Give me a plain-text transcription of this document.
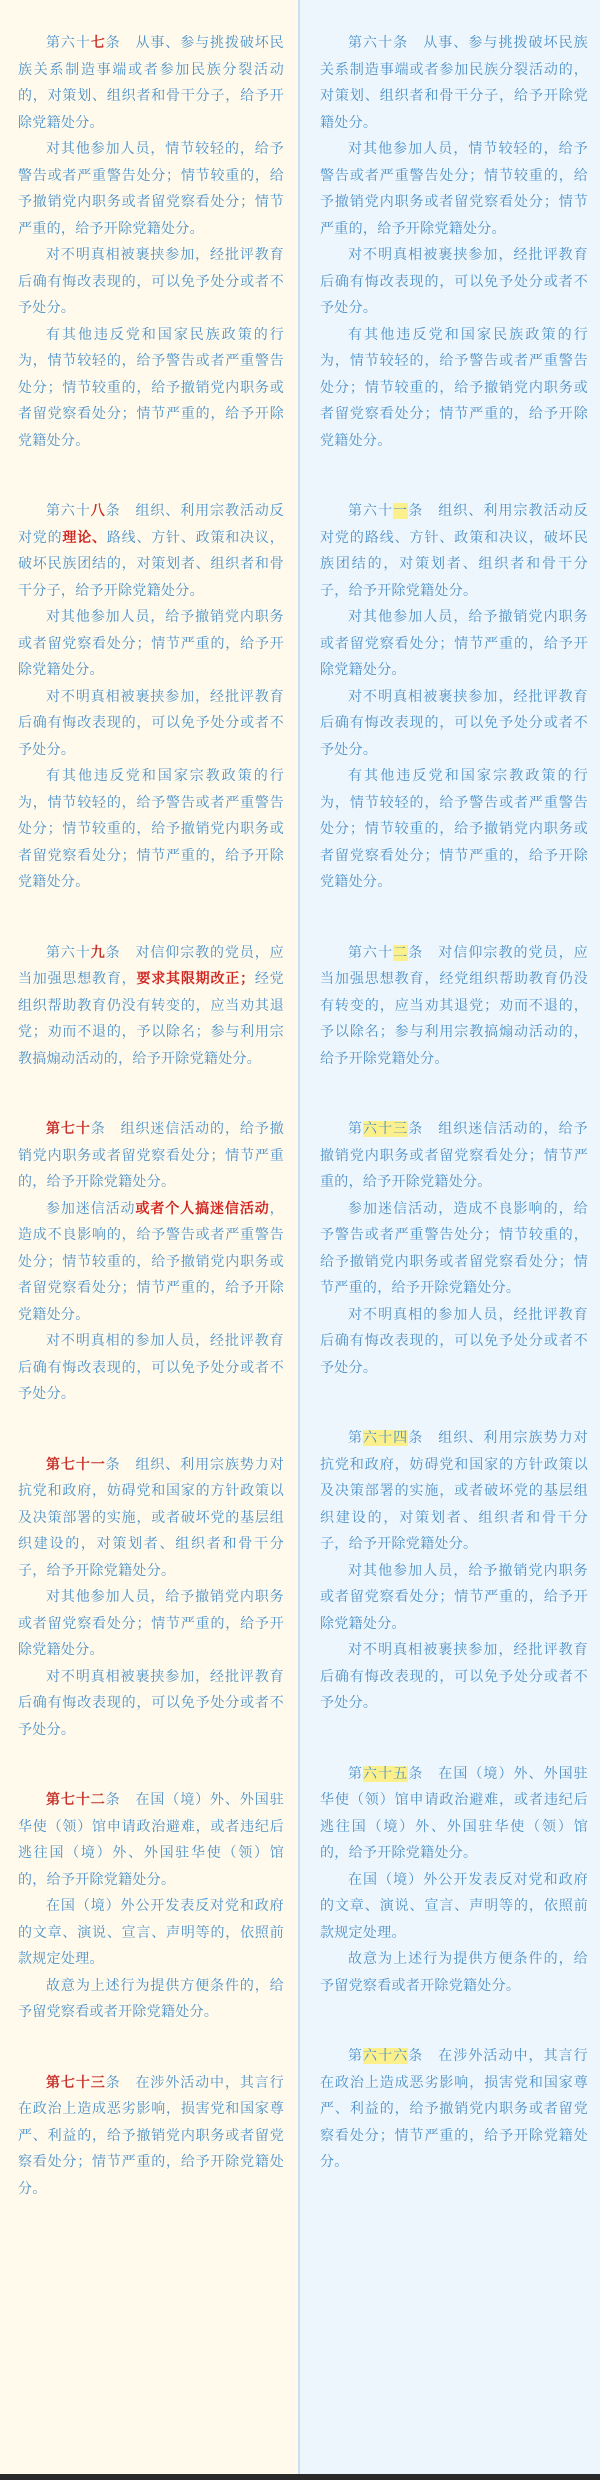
第六十七条　从事、参与挑拨破坏民族关系制造事端或者参加民族分裂活动的，对策划、组织者和骨干分子，给予开除党籍处分。

对其他参加人员，情节较轻的，给予警告或者严重警告处分；情节较重的，给予撤销党内职务或者留党察看处分；情节严重的，给予开除党籍处分。

对不明真相被裹挟参加，经批评教育后确有悔改表现的，可以免予处分或者不予处分。

有其他违反党和国家民族政策的行为，情节较轻的，给予警告或者严重警告处分；情节较重的，给予撤销党内职务或者留党察看处分；情节严重的，给予开除党籍处分。

第六十八条　组织、利用宗教活动反对党的理论、路线、方针、政策和决议，破坏民族团结的，对策划者、组织者和骨干分子，给予开除党籍处分。

对其他参加人员，给予撤销党内职务或者留党察看处分；情节严重的，给予开除党籍处分。

对不明真相被裹挟参加，经批评教育后确有悔改表现的，可以免予处分或者不予处分。

有其他违反党和国家宗教政策的行为，情节较轻的，给予警告或者严重警告处分；情节较重的，给予撤销党内职务或者留党察看处分；情节严重的，给予开除党籍处分。

第六十九条　对信仰宗教的党员，应当加强思想教育，要求其限期改正；经党组织帮助教育仍没有转变的，应当劝其退党；劝而不退的，予以除名；参与利用宗教搞煽动活动的，给予开除党籍处分。

第七十条　组织迷信活动的，给予撤销党内职务或者留党察看处分；情节严重的，给予开除党籍处分。

参加迷信活动或者个人搞迷信活动，造成不良影响的，给予警告或者严重警告处分；情节较重的，给予撤销党内职务或者留党察看处分；情节严重的，给予开除党籍处分。

对不明真相的参加人员，经批评教育后确有悔改表现的，可以免予处分或者不予处分。

第七十一条　组织、利用宗族势力对抗党和政府，妨碍党和国家的方针政策以及决策部署的实施，或者破坏党的基层组织建设的，对策划者、组织者和骨干分子，给予开除党籍处分。

对其他参加人员，给予撤销党内职务或者留党察看处分；情节严重的，给予开除党籍处分。

对不明真相被裹挟参加，经批评教育后确有悔改表现的，可以免予处分或者不予处分。

第七十二条　在国（境）外、外国驻华使（领）馆申请政治避难，或者违纪后逃往国（境）外、外国驻华使（领）馆的，给予开除党籍处分。

在国（境）外公开发表反对党和政府的文章、演说、宣言、声明等的，依照前款规定处理。

故意为上述行为提供方便条件的，给予留党察看或者开除党籍处分。

第七十三条　在涉外活动中，其言行在政治上造成恶劣影响，损害党和国家尊严、利益的，给予撤销党内职务或者留党察看处分；情节严重的，给予开除党籍处分。

第六十条　从事、参与挑拨破坏民族关系制造事端或者参加民族分裂活动的，对策划、组织者和骨干分子，给予开除党籍处分。

对其他参加人员，情节较轻的，给予警告或者严重警告处分；情节较重的，给予撤销党内职务或者留党察看处分；情节严重的，给予开除党籍处分。

对不明真相被裹挟参加，经批评教育后确有悔改表现的，可以免予处分或者不予处分。

有其他违反党和国家民族政策的行为，情节较轻的，给予警告或者严重警告处分；情节较重的，给予撤销党内职务或者留党察看处分；情节严重的，给予开除党籍处分。

第六十一条　组织、利用宗教活动反对党的路线、方针、政策和决议，破坏民族团结的，对策划者、组织者和骨干分子，给予开除党籍处分。

对其他参加人员，给予撤销党内职务或者留党察看处分；情节严重的，给予开除党籍处分。

对不明真相被裹挟参加，经批评教育后确有悔改表现的，可以免予处分或者不予处分。

有其他违反党和国家宗教政策的行为，情节较轻的，给予警告或者严重警告处分；情节较重的，给予撤销党内职务或者留党察看处分；情节严重的，给予开除党籍处分。

第六十二条　对信仰宗教的党员，应当加强思想教育，经党组织帮助教育仍没有转变的，应当劝其退党；劝而不退的，予以除名；参与利用宗教搞煽动活动的，给予开除党籍处分。

第六十三条　组织迷信活动的，给予撤销党内职务或者留党察看处分；情节严重的，给予开除党籍处分。

参加迷信活动，造成不良影响的，给予警告或者严重警告处分；情节较重的，给予撤销党内职务或者留党察看处分；情节严重的，给予开除党籍处分。

对不明真相的参加人员，经批评教育后确有悔改表现的，可以免予处分或者不予处分。

第六十四条　组织、利用宗族势力对抗党和政府，妨碍党和国家的方针政策以及决策部署的实施，或者破坏党的基层组织建设的，对策划者、组织者和骨干分子，给予开除党籍处分。

对其他参加人员，给予撤销党内职务或者留党察看处分；情节严重的，给予开除党籍处分。

对不明真相被裹挟参加，经批评教育后确有悔改表现的，可以免予处分或者不予处分。

第六十五条　在国（境）外、外国驻华使（领）馆申请政治避难，或者违纪后逃往国（境）外、外国驻华使（领）馆的，给予开除党籍处分。

在国（境）外公开发表反对党和政府的文章、演说、宣言、声明等的，依照前款规定处理。

故意为上述行为提供方便条件的，给予留党察看或者开除党籍处分。

第六十六条　在涉外活动中，其言行在政治上造成恶劣影响，损害党和国家尊严、利益的，给予撤销党内职务或者留党察看处分；情节严重的，给予开除党籍处分。
